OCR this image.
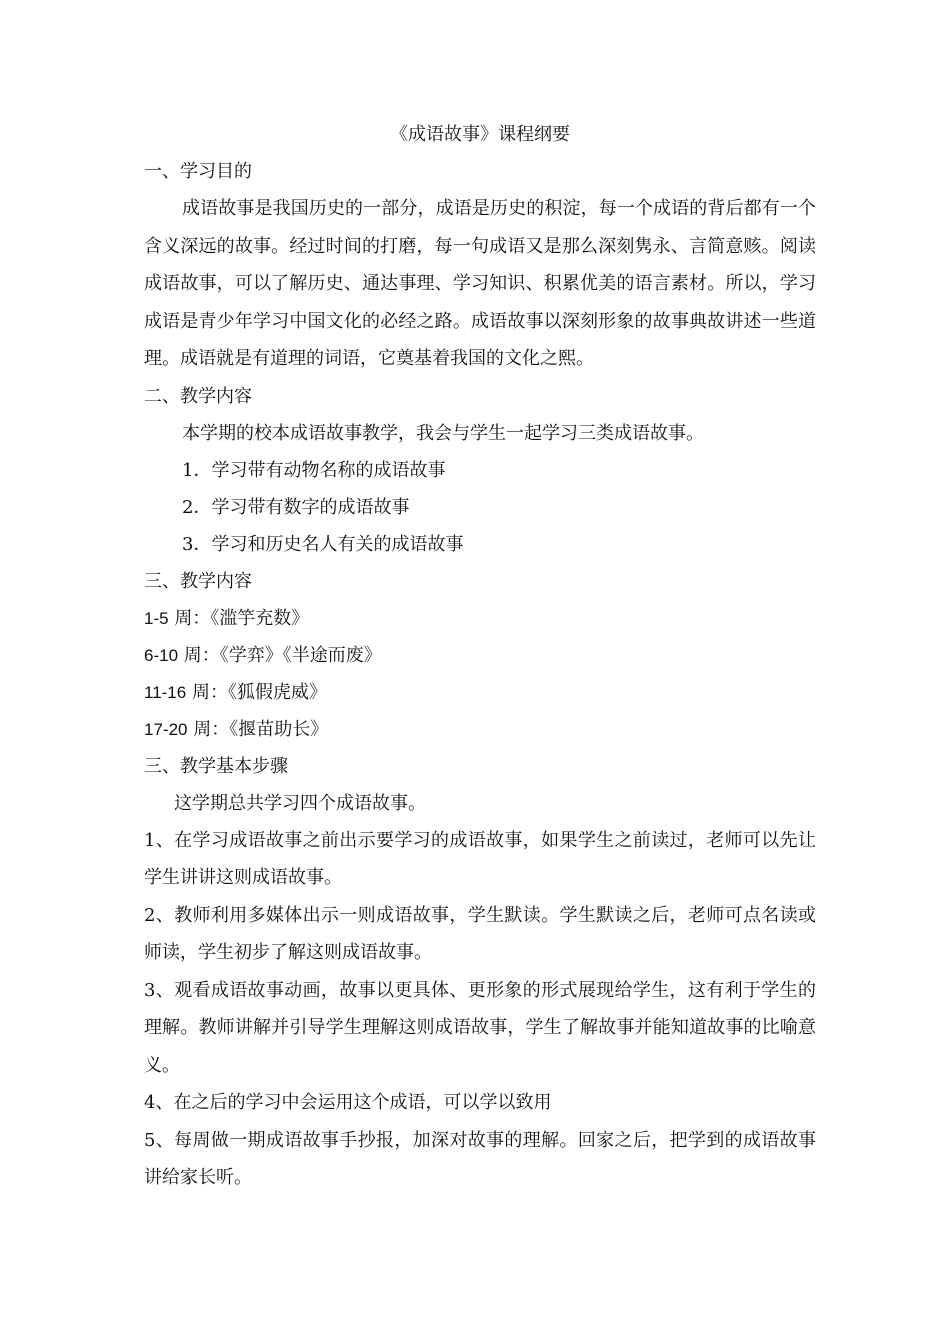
《成语故事》课程纲要

一、学习目的

成语故事是我国历史的一部分，成语是历史的积淀，每一个成语的背后都有一个含义深远的故事。经过时间的打磨，每一句成语又是那么深刻隽永、言简意赅。阅读成语故事，可以了解历史、通达事理、学习知识、积累优美的语言素材。所以，学习成语是青少年学习中国文化的必经之路。成语故事以深刻形象的故事典故讲述一些道理。成语就是有道理的词语，它奠基着我国的文化之熙。

二、教学内容

本学期的校本成语故事教学，我会与学生一起学习三类成语故事。

1．学习带有动物名称的成语故事

2．学习带有数字的成语故事

3．学习和历史名人有关的成语故事

三、教学内容

1-5 周：《滥竽充数》

6-10 周：《学弈》《半途而废》

11-16 周：《狐假虎威》

17-20 周：《揠苗助长》

三、教学基本步骤

这学期总共学习四个成语故事。

1、在学习成语故事之前出示要学习的成语故事，如果学生之前读过，老师可以先让学生讲讲这则成语故事。

2、教师利用多媒体出示一则成语故事，学生默读。学生默读之后，老师可点名读或师读，学生初步了解这则成语故事。

3、观看成语故事动画，故事以更具体、更形象的形式展现给学生，这有利于学生的理解。教师讲解并引导学生理解这则成语故事，学生了解故事并能知道故事的比喻意义。

4、在之后的学习中会运用这个成语，可以学以致用

5、每周做一期成语故事手抄报，加深对故事的理解。回家之后，把学到的成语故事讲给家长听。
